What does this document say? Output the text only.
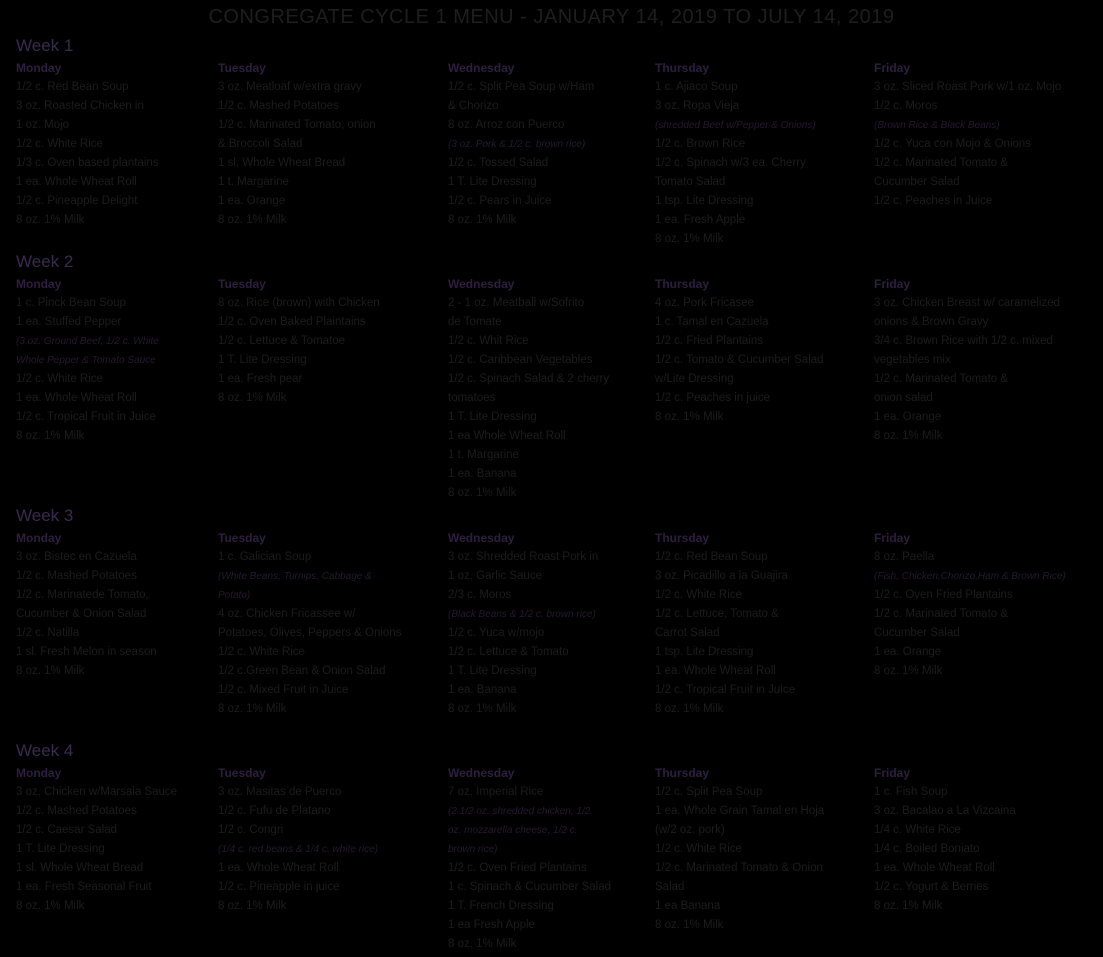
CONGREGATE CYCLE 1 MENU - JANUARY 14, 2019 TO JULY 14, 2019
Week 1
Monday
1/2 c. Red Bean Soup
3 oz. Roasted Chicken in
1 oz. Mojo
1/2 c. White Rice
1/3 c. Oven based plantains
1 ea. Whole Wheat Roll
1/2 c. Pineapple Delight
8 oz. 1% Milk
Tuesday
3 oz. Meatloaf w/extra gravy
1/2 c. Mashed Potatoes
1/2 c. Marinated Tomato, onion
& Broccoli Salad
1 sl. Whole Wheat Bread
1 t. Margarine
1 ea. Orange
8 oz. 1% Milk
Wednesday
1/2 c. Split Pea Soup w/Ham
& Chorizo
8 oz. Arroz con Puerco
(3 oz. Pork & 1/2 c. brown rice)
1/2 c. Tossed Salad
1 T. Lite Dressing
1/2 c. Pears in Juice
8 oz. 1% Milk
Thursday
1 c. Ajiaco Soup
3 oz. Ropa Vieja
(shredded Beef w/Pepper & Onions)
1/2 c. Brown Rice
1/2 c. Spinach w/3 ea. Cherry
Tomato Salad
1 tsp. Lite Dressing
1 ea. Fresh Apple
8 oz. 1% Milk
Friday
3 oz. Sliced Roast Pork w/1 oz. Mojo
1/2 c. Moros
(Brown Rice & Black Beans)
1/2 c. Yuca con Mojo & Onions
1/2 c. Marinated Tomato &
Cucumber Salad
1/2 c. Peaches in Juice
Week 2
Monday
1 c. Pinck Bean Soup
1 ea. Stuffed Pepper
(3 oz. Ground Beef, 1/2 c. White
Whole Pepper & Tomato Sauce
1/2 c. White Rice
1 ea. Whole Wheat Roll
1/2 c. Tropical Fruit in Juice
8 oz. 1% Milk
Tuesday
8 oz. Rice (brown) with Chicken
1/2 c. Oven Baked Plaintains
1/2 c. Lettuce & Tomatoe
1 T. Lite Dressing
1 ea. Fresh pear
8 oz. 1% Milk
Wednesday
2 - 1 oz. Meatball w/Sofrito
de Tomate
1/2 c. Whit Rice
1/2 c. Caribbean Vegetables
1/2 c. Spinach Salad & 2 cherry
tomatoes
1 T. Lite Dressing
1 ea Whole Wheat Roll
1 t. Margarine
1 ea. Banana
8 oz. 1% Milk
Thursday
4 oz. Pork Fricasee
1 c. Tamal en Cazuela
1/2 c. Fried Plantains
1/2 c. Tomato & Cucumber Salad
w/Lite Dressing
1/2 c. Peaches in juice
8 oz. 1% Milk
Friday
3 oz. Chicken Breast w/ caramelized
onions & Brown Gravy
3/4 c. Brown Rice with 1/2 c. mixed
vegetables mix
1/2 c. Marinated Tomato &
onion salad
1 ea. Orange
8 oz. 1% Milk
Week 3
Monday
3 oz. Bistec en Cazuela
1/2 c. Mashed Potatoes
1/2 c. Marinatede Tomato,
Cucumber & Onion Salad
1/2 c. Natilla
1 sl. Fresh Melon in season
8 oz. 1% Milk
Tuesday
1 c. Galician Soup
(White Beans, Turnips, Cabbage &
Potato)
4 oz. Chicken Fricassee w/
Potatoes, Olives, Peppers & Onions
1/2 c. White Rice
1/2 c.Green Bean & Onion Salad
1/2 c. Mixed Fruit in Juice
8 oz. 1% Milk
Wednesday
3 oz. Shredded Roast Pork in
1 oz. Garlic Sauce
2/3 c. Moros
(Black Beans & 1/2 c. brown rice)
1/2 c. Yuca w/mojo
1/2 c. Lettuce & Tomato
1 T. Lite Dressing
1 ea. Banana
8 oz. 1% Milk
Thursday
1/2 c. Red Bean Soup
3 oz. Picadillo a la Guajira
1/2 c. White Rice
1/2 c. Lettuce, Tomato &
Carrot Salad
1 tsp. Lite Dressing
1 ea. Whole Wheat Roll
1/2 c. Tropical Fruit in Juice
8 oz. 1% Milk
Friday
8 oz. Paella
(Fish, Chicken,Chorizo,Ham & Brown Rice)
1/2 c. Oven Fried Plantains
1/2 c. Marinated Tomato &
Cucumber Salad
1 ea. Orange
8 oz. 1% Milk
Week 4
Monday
3 oz. Chicken w/Marsala Sauce
1/2 c. Mashed Potatoes
1/2 c. Caesar Salad
1 T. Lite Dressing
1 sl. Whole Wheat Bread
1 ea. Fresh Seasonal Fruit
8 oz. 1% Milk
Tuesday
3 oz. Masitas de Puerco
1/2 c. Fufu de Platano
1/2 c. Congri
(1/4 c. red beans & 1/4 c. white rice)
1 ea. Whole Wheat Roll
1/2 c. Pineapple in juice
8 oz. 1% Milk
Wednesday
7 oz. Imperial Rice
(2 1/2 oz. shredded chicken, 1/2
oz. mozzarella cheese, 1/2 c.
brown rice)
1/2 c. Oven Fried Plantains
1 c. Spinach & Cucumber Salad
1 T. French Dressing
1 ea Fresh Apple
8 oz. 1% Milk
Thursday
1/2 c. Split Pea Soup
1 ea. Whole Grain Tamal en Hoja
(w/2 oz. pork)
1/2 c. White Rice
1/2 c. Marinated Tomato & Onion
Salad
1 ea Banana
8 oz. 1% Milk
Friday
1 c. Fish Soup
3 oz. Bacalao a La Vizcaina
1/4 c. White Rice
1/4 c. Boiled Boniato
1 ea. Whole Wheat Roll
1/2 c. Yogurt & Berries
8 oz. 1% Milk
